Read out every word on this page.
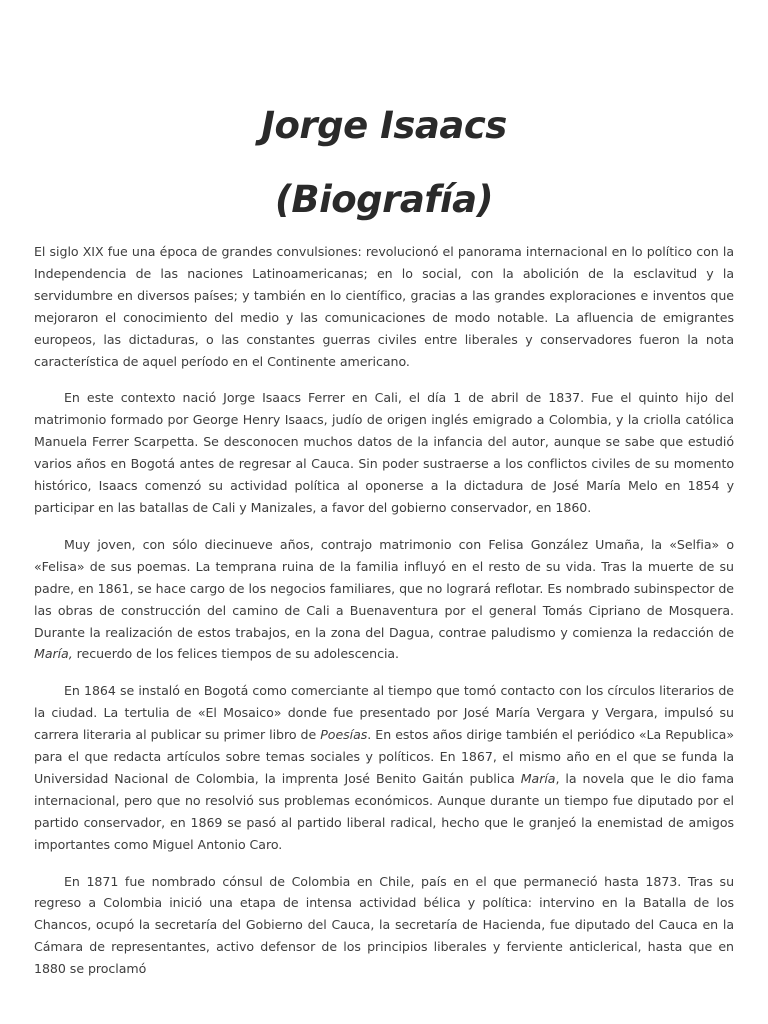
Jorge Isaacs
(Biografía)

El siglo XIX fue una época de grandes convulsiones: revolucionó el panorama internacional en lo político con la Independencia de las naciones Latinoamericanas; en lo social, con la abolición de la esclavitud y la servidumbre en diversos países; y también en lo científico, gracias a las grandes exploraciones e inventos que mejoraron el conocimiento del medio y las comunicaciones de modo notable. La afluencia de emigrantes europeos, las dictaduras, o las constantes guerras civiles entre liberales y conservadores fueron la nota característica de aquel período en el Continente americano.

En este contexto nació Jorge Isaacs Ferrer en Cali, el día 1 de abril de 1837. Fue el quinto hijo del matrimonio formado por George Henry Isaacs, judío de origen inglés emigrado a Colombia, y la criolla católica Manuela Ferrer Scarpetta. Se desconocen muchos datos de la infancia del autor, aunque se sabe que estudió varios años en Bogotá antes de regresar al Cauca. Sin poder sustraerse a los conflictos civiles de su momento histórico, Isaacs comenzó su actividad política al oponerse a la dictadura de José María Melo en 1854 y participar en las batallas de Cali y Manizales, a favor del gobierno conservador, en 1860.

Muy joven, con sólo diecinueve años, contrajo matrimonio con Felisa González Umaña, la «Selfia» o «Felisa» de sus poemas. La temprana ruina de la familia influyó en el resto de su vida. Tras la muerte de su padre, en 1861, se hace cargo de los negocios familiares, que no logrará reflotar. Es nombrado subinspector de las obras de construcción del camino de Cali a Buenaventura por el general Tomás Cipriano de Mosquera. Durante la realización de estos trabajos, en la zona del Dagua, contrae paludismo y comienza la redacción de María, recuerdo de los felices tiempos de su adolescencia.

En 1864 se instaló en Bogotá como comerciante al tiempo que tomó contacto con los círculos literarios de la ciudad. La tertulia de «El Mosaico» donde fue presentado por José María Vergara y Vergara, impulsó su carrera literaria al publicar su primer libro de Poesías. En estos años dirige también el periódico «La Republica» para el que redacta artículos sobre temas sociales y políticos. En 1867, el mismo año en el que se funda la Universidad Nacional de Colombia, la imprenta José Benito Gaitán publica María, la novela que le dio fama internacional, pero que no resolvió sus problemas económicos. Aunque durante un tiempo fue diputado por el partido conservador, en 1869 se pasó al partido liberal radical, hecho que le granjeó la enemistad de amigos importantes como Miguel Antonio Caro.

En 1871 fue nombrado cónsul de Colombia en Chile, país en el que permaneció hasta 1873. Tras su regreso a Colombia inició una etapa de intensa actividad bélica y política: intervino en la Batalla de los Chancos, ocupó la secretaría del Gobierno del Cauca, la secretaría de Hacienda, fue diputado del Cauca en la Cámara de representantes, activo defensor de los principios liberales y ferviente anticlerical, hasta que en 1880 se proclamó
